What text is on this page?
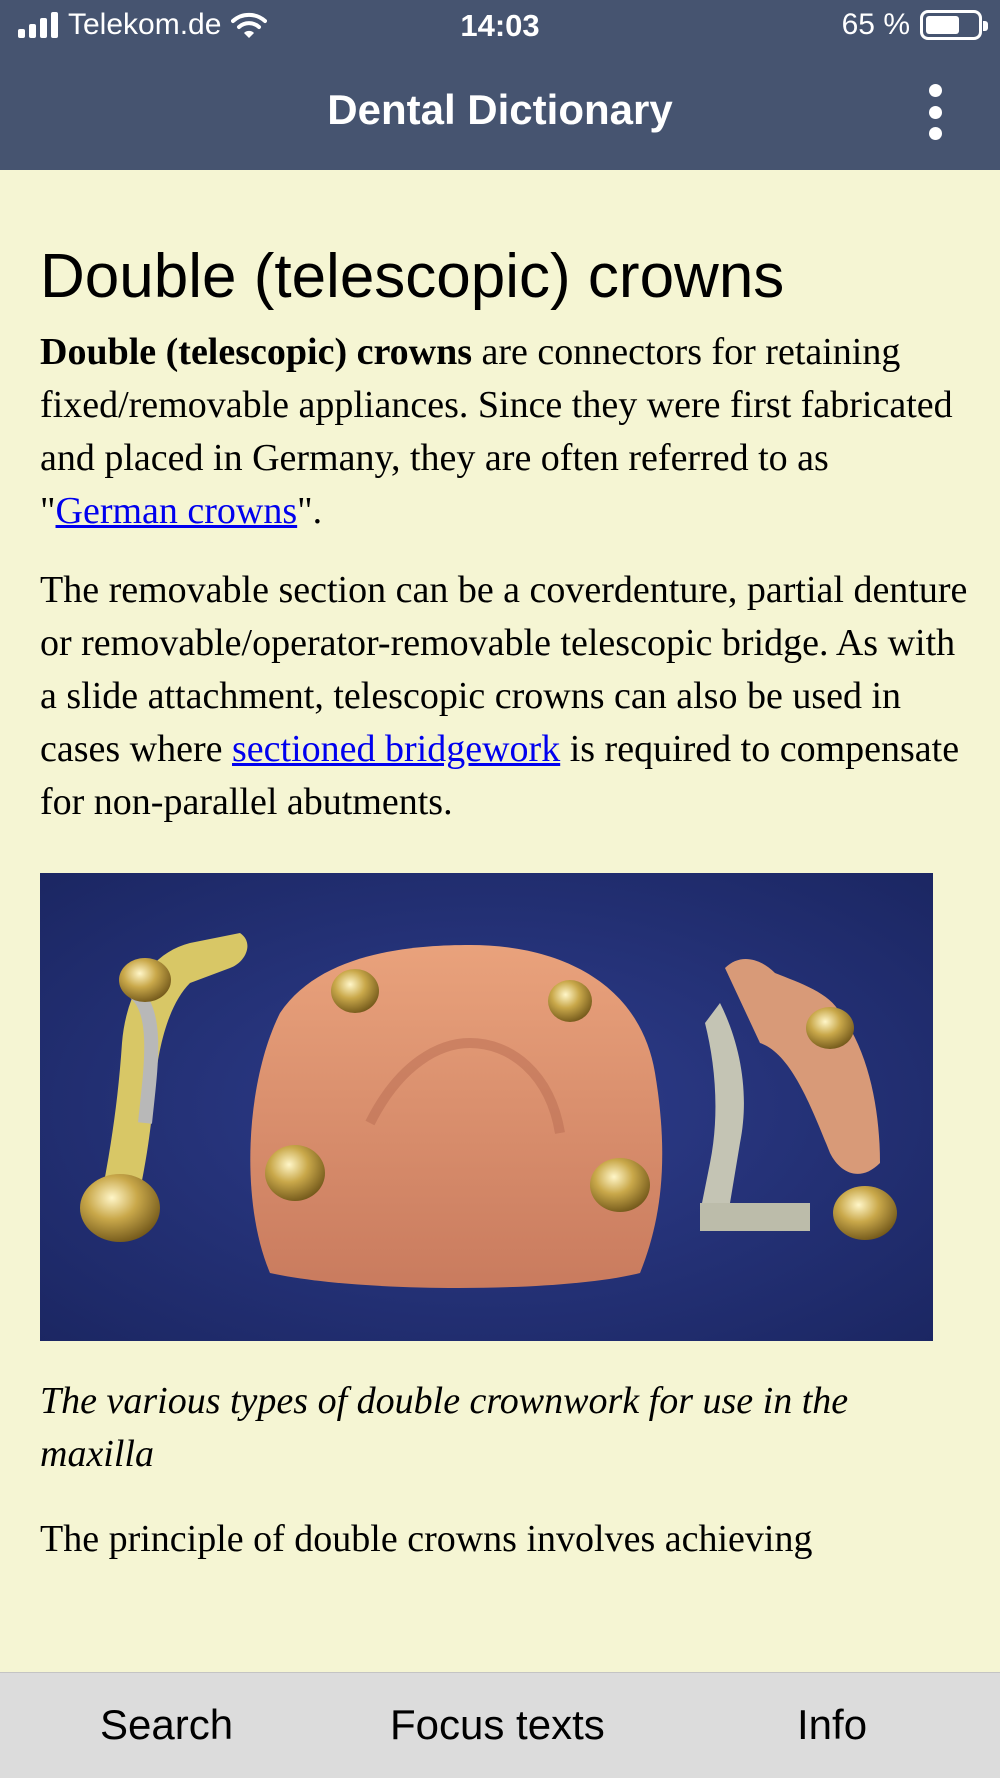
Telekom.de	14:03	65 %
Dental Dictionary
Double (telescopic) crowns

Double (telescopic) crowns are connectors for retaining fixed/removable appliances. Since they were first fabricated and placed in Germany, they are often referred to as "German crowns".

The removable section can be a coverdenture, partial denture or removable/operator-removable telescopic bridge. As with a slide attachment, telescopic crowns can also be used in cases where sectioned bridgework is required to compensate for non-parallel abutments.

The various types of double crownwork for use in the maxilla

The principle of double crowns involves achieving

Search	Focus texts	Info
